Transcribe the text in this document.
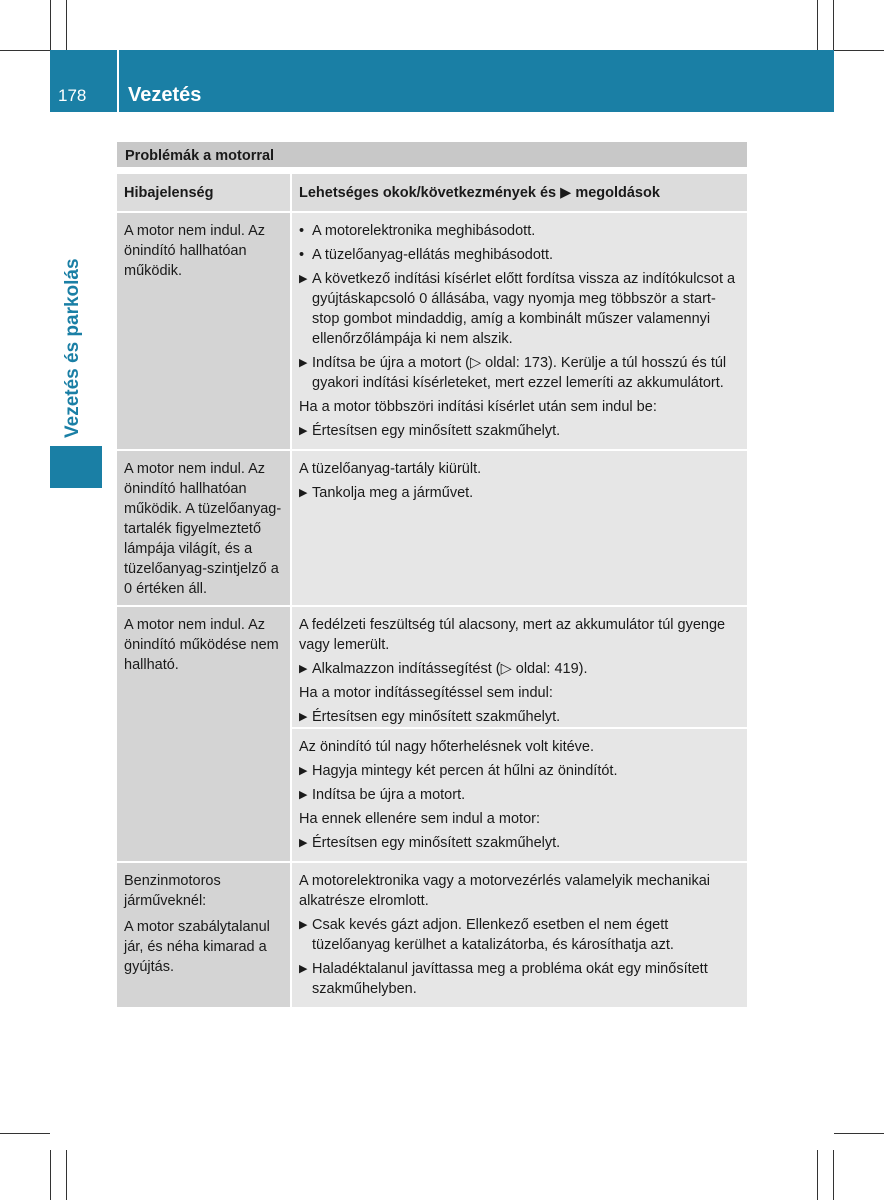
178	Vezetés
Vezetés és parkolás
Problémák a motorral
Hibajelenség	Lehetséges okok/következmények és ▶ megoldások

A motor nem indul. Az önindító hallhatóan működik.

• A motorelektronika meghibásodott.
• A tüzelőanyag-ellátás meghibásodott.
▶ A következő indítási kísérlet előtt fordítsa vissza az indítókulcsot a gyújtáskapcsoló 0 állásába, vagy nyomja meg többször a start-stop gombot mindaddig, amíg a kombinált műszer valamennyi ellenőrzőlámpája ki nem alszik.
▶ Indítsa be újra a motort (▷ oldal: 173). Kerülje a túl hosszú és túl gyakori indítási kísérleteket, mert ezzel lemeríti az akkumulátort.
Ha a motor többszöri indítási kísérlet után sem indul be:
▶ Értesítsen egy minősített szakműhelyt.

A motor nem indul. Az önindító hallhatóan működik. A tüzelőanyag-tartalék figyelmeztető lámpája világít, és a tüzelőanyag-szintjelző a 0 értéken áll.

A tüzelőanyag-tartály kiürült.
▶ Tankolja meg a járművet.

A motor nem indul. Az önindító működése nem hallható.

A fedélzeti feszültség túl alacsony, mert az akkumulátor túl gyenge vagy lemerült.
▶ Alkalmazzon indítássegítést (▷ oldal: 419).
Ha a motor indítássegítéssel sem indul:
▶ Értesítsen egy minősített szakműhelyt.
Az önindító túl nagy hőterhelésnek volt kitéve.
▶ Hagyja mintegy két percen át hűlni az önindítót.
▶ Indítsa be újra a motort.
Ha ennek ellenére sem indul a motor:
▶ Értesítsen egy minősített szakműhelyt.

Benzinmotoros járműveknél:

A motor szabálytalanul jár, és néha kimarad a gyújtás.

A motorelektronika vagy a motorvezérlés valamelyik mechanikai alkatrésze elromlott.
▶ Csak kevés gázt adjon. Ellenkező esetben el nem égett tüzelőanyag kerülhet a katalizátorba, és károsíthatja azt.
▶ Haladéktalanul javíttassa meg a probléma okát egy minősített szakműhelyben.
